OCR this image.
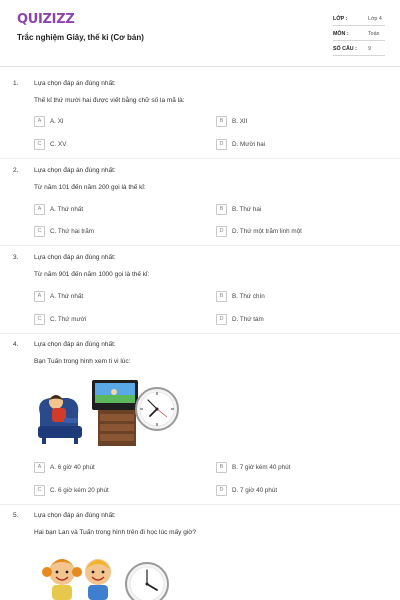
QUIZIZZ
Trắc nghiệm Giây, thế kỉ (Cơ bản)
LỚP :	Lớp 4
MÔN :	Toán
SỐ CÂU : 9
1. Lựa chọn đáp án đúng nhất:
Thế kỉ thứ mười hai được viết bằng chữ số la mã là:
A	A. XI	B	B. XII
C	C. XV	D	D. Mười hai
2. Lựa chọn đáp án đúng nhất:
Từ năm 101 đến năm 200 gọi là thế kỉ:
A	A. Thứ nhất	B	B. Thứ hai
C	C. Thứ hai trăm	D	D. Thứ một trăm linh một
3. Lựa chọn đáp án đúng nhất:
Từ năm 901 đến năm 1000 gọi là thế kỉ:
A	A. Thứ nhất	B	B. Thứ chín
C	C. Thứ mười	D	D. Thứ tám
4. Lựa chọn đáp án đúng nhất:
Bạn Tuấn trong hình xem ti vi lúc:
A	A. 6 giờ 40 phút	B	B. 7 giờ kém 40 phút
C	C. 6 giờ kém 20 phút	D	D. 7 giờ 40 phút
5. Lựa chọn đáp án đúng nhất:
Hai bạn Lan và Tuấn trong hình trên đi học lúc mấy giờ?
